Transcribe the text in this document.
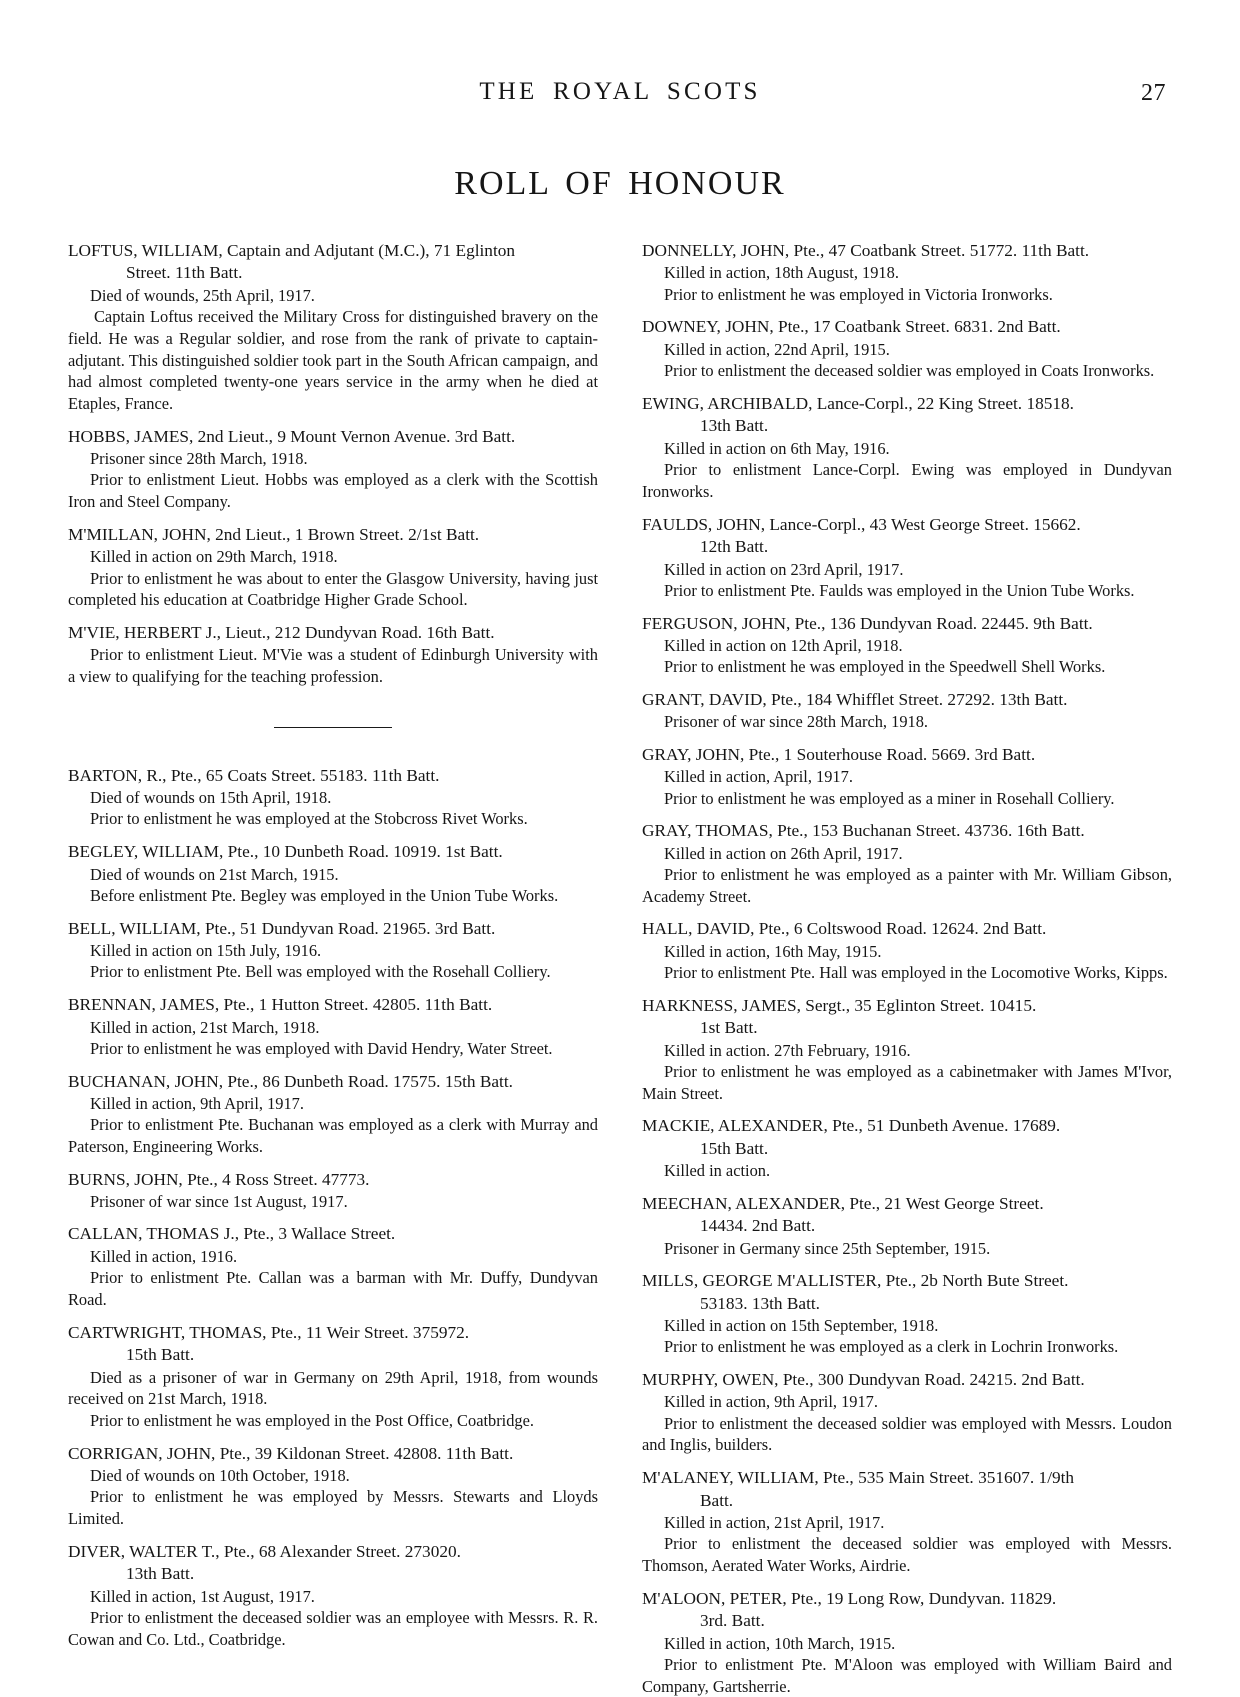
THE ROYAL SCOTS	27
ROLL OF HONOUR

LOFTUS, WILLIAM, Captain and Adjutant (M.C.), 71 Eglinton

Street. 11th Batt.

Died of wounds, 25th April, 1917.

Captain Loftus received the Military Cross for distinguished bravery on the field. He was a Regular soldier, and rose from the rank of private to captain-adjutant. This distinguished soldier took part in the South African campaign, and had almost completed twenty-one years service in the army when he died at Etaples, France.

HOBBS, JAMES, 2nd Lieut., 9 Mount Vernon Avenue. 3rd Batt.

Prisoner since 28th March, 1918.

Prior to enlistment Lieut. Hobbs was employed as a clerk with the Scottish Iron and Steel Company.

M'MILLAN, JOHN, 2nd Lieut., 1 Brown Street. 2/1st Batt.

Killed in action on 29th March, 1918.

Prior to enlistment he was about to enter the Glasgow University, having just completed his education at Coatbridge Higher Grade School.

M'VIE, HERBERT J., Lieut., 212 Dundyvan Road. 16th Batt.

Prior to enlistment Lieut. M'Vie was a student of Edinburgh University with a view to qualifying for the teaching profession.

BARTON, R., Pte., 65 Coats Street. 55183. 11th Batt.

Died of wounds on 15th April, 1918.

Prior to enlistment he was employed at the Stobcross Rivet Works.

BEGLEY, WILLIAM, Pte., 10 Dunbeth Road. 10919. 1st Batt.

Died of wounds on 21st March, 1915.

Before enlistment Pte. Begley was employed in the Union Tube Works.

BELL, WILLIAM, Pte., 51 Dundyvan Road. 21965. 3rd Batt.

Killed in action on 15th July, 1916.

Prior to enlistment Pte. Bell was employed with the Rosehall Colliery.

BRENNAN, JAMES, Pte., 1 Hutton Street. 42805. 11th Batt.

Killed in action, 21st March, 1918.

Prior to enlistment he was employed with David Hendry, Water Street.

BUCHANAN, JOHN, Pte., 86 Dunbeth Road. 17575. 15th Batt.

Killed in action, 9th April, 1917.

Prior to enlistment Pte. Buchanan was employed as a clerk with Murray and Paterson, Engineering Works.

BURNS, JOHN, Pte., 4 Ross Street. 47773.

Prisoner of war since 1st August, 1917.

CALLAN, THOMAS J., Pte., 3 Wallace Street.

Killed in action, 1916.

Prior to enlistment Pte. Callan was a barman with Mr. Duffy, Dundyvan Road.

CARTWRIGHT, THOMAS, Pte., 11 Weir Street. 375972.

15th Batt.

Died as a prisoner of war in Germany on 29th April, 1918, from wounds received on 21st March, 1918.

Prior to enlistment he was employed in the Post Office, Coatbridge.

CORRIGAN, JOHN, Pte., 39 Kildonan Street. 42808. 11th Batt.

Died of wounds on 10th October, 1918.

Prior to enlistment he was employed by Messrs. Stewarts and Lloyds Limited.

DIVER, WALTER T., Pte., 68 Alexander Street. 273020.

13th Batt.

Killed in action, 1st August, 1917.

Prior to enlistment the deceased soldier was an employee with Messrs. R. R. Cowan and Co. Ltd., Coatbridge.

DONNELLY, JOHN, Pte., 47 Coatbank Street. 51772. 11th Batt.

Killed in action, 18th August, 1918.

Prior to enlistment he was employed in Victoria Ironworks.

DOWNEY, JOHN, Pte., 17 Coatbank Street. 6831. 2nd Batt.

Killed in action, 22nd April, 1915.

Prior to enlistment the deceased soldier was employed in Coats Ironworks.

EWING, ARCHIBALD, Lance-Corpl., 22 King Street. 18518.

13th Batt.

Killed in action on 6th May, 1916.

Prior to enlistment Lance-Corpl. Ewing was employed in Dundyvan Ironworks.

FAULDS, JOHN, Lance-Corpl., 43 West George Street. 15662.

12th Batt.

Killed in action on 23rd April, 1917.

Prior to enlistment Pte. Faulds was employed in the Union Tube Works.

FERGUSON, JOHN, Pte., 136 Dundyvan Road. 22445. 9th Batt.

Killed in action on 12th April, 1918.

Prior to enlistment he was employed in the Speedwell Shell Works.

GRANT, DAVID, Pte., 184 Whifflet Street. 27292. 13th Batt.

Prisoner of war since 28th March, 1918.

GRAY, JOHN, Pte., 1 Souterhouse Road. 5669. 3rd Batt.

Killed in action, April, 1917.

Prior to enlistment he was employed as a miner in Rosehall Colliery.

GRAY, THOMAS, Pte., 153 Buchanan Street. 43736. 16th Batt.

Killed in action on 26th April, 1917.

Prior to enlistment he was employed as a painter with Mr. William Gibson, Academy Street.

HALL, DAVID, Pte., 6 Coltswood Road. 12624. 2nd Batt.

Killed in action, 16th May, 1915.

Prior to enlistment Pte. Hall was employed in the Locomotive Works, Kipps.

HARKNESS, JAMES, Sergt., 35 Eglinton Street. 10415.

1st Batt.

Killed in action. 27th February, 1916.

Prior to enlistment he was employed as a cabinetmaker with James M'Ivor, Main Street.

MACKIE, ALEXANDER, Pte., 51 Dunbeth Avenue. 17689.

15th Batt.

Killed in action.

MEECHAN, ALEXANDER, Pte., 21 West George Street.

14434. 2nd Batt.

Prisoner in Germany since 25th September, 1915.

MILLS, GEORGE M'ALLISTER, Pte., 2b North Bute Street.

53183. 13th Batt.

Killed in action on 15th September, 1918.

Prior to enlistment he was employed as a clerk in Lochrin Ironworks.

MURPHY, OWEN, Pte., 300 Dundyvan Road. 24215. 2nd Batt.

Killed in action, 9th April, 1917.

Prior to enlistment the deceased soldier was employed with Messrs. Loudon and Inglis, builders.

M'ALANEY, WILLIAM, Pte., 535 Main Street. 351607. 1/9th

Batt.

Killed in action, 21st April, 1917.

Prior to enlistment the deceased soldier was employed with Messrs. Thomson, Aerated Water Works, Airdrie.

M'ALOON, PETER, Pte., 19 Long Row, Dundyvan. 11829.

3rd. Batt.

Killed in action, 10th March, 1915.

Prior to enlistment Pte. M'Aloon was employed with William Baird and Company, Gartsherrie.
